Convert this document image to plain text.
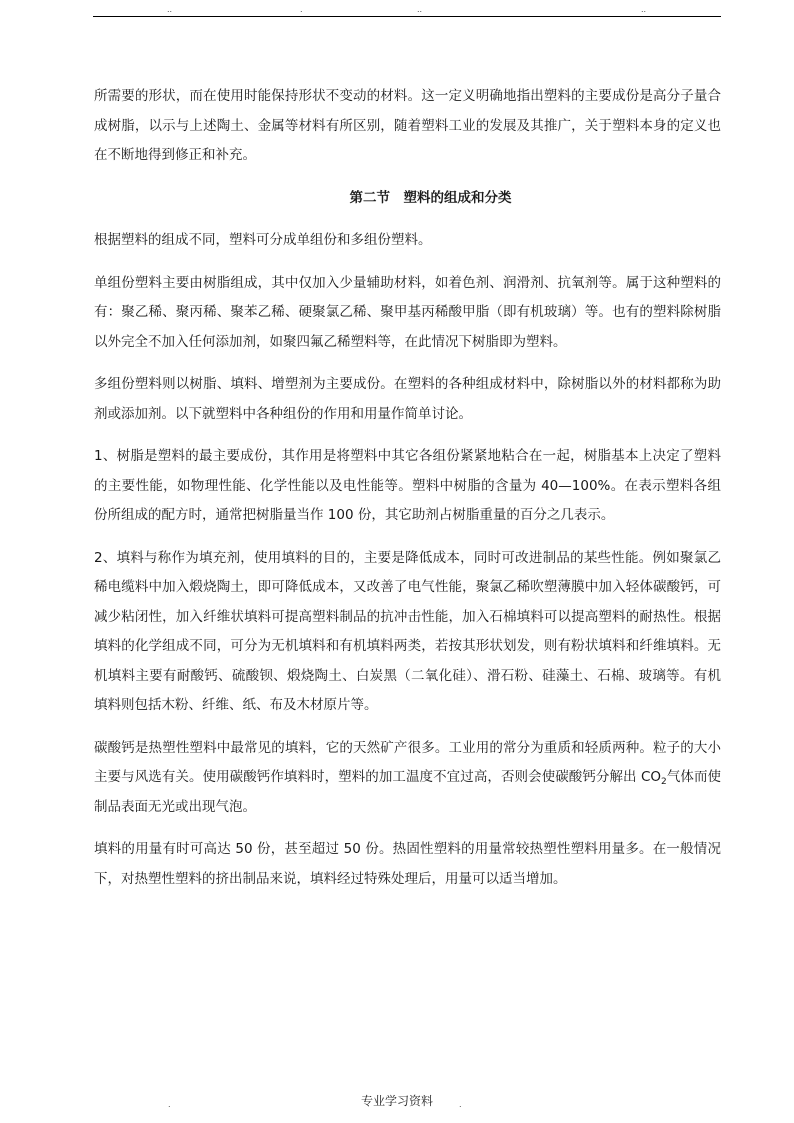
..	.	..	..

所需要的形状，而在使用时能保持形状不变动的材料。这一定义明确地指出塑料的主要成份是高分子量合成树脂，以示与上述陶土、金属等材料有所区别，随着塑料工业的发展及其推广，关于塑料本身的定义也在不断地得到修正和补充。

第二节　塑料的组成和分类

根据塑料的组成不同，塑料可分成单组份和多组份塑料。

单组份塑料主要由树脂组成，其中仅加入少量辅助材料，如着色剂、润滑剂、抗氧剂等。属于这种塑料的有：聚乙稀、聚丙稀、聚苯乙稀、硬聚氯乙稀、聚甲基丙稀酸甲脂（即有机玻璃）等。也有的塑料除树脂以外完全不加入任何添加剂，如聚四氟乙稀塑料等，在此情况下树脂即为塑料。

多组份塑料则以树脂、填料、增塑剂为主要成份。在塑料的各种组成材料中，除树脂以外的材料都称为助剂或添加剂。以下就塑料中各种组份的作用和用量作简单讨论。

1、树脂是塑料的最主要成份，其作用是将塑料中其它各组份紧紧地粘合在一起，树脂基本上决定了塑料的主要性能，如物理性能、化学性能以及电性能等。塑料中树脂的含量为 40—100%。在表示塑料各组份所组成的配方时，通常把树脂量当作 100 份，其它助剂占树脂重量的百分之几表示。

2、填料与称作为填充剂，使用填料的目的，主要是降低成本，同时可改进制品的某些性能。例如聚氯乙稀电缆料中加入煅烧陶土，即可降低成本，又改善了电气性能，聚氯乙稀吹塑薄膜中加入轻体碳酸钙，可减少粘闭性，加入纤维状填料可提高塑料制品的抗冲击性能，加入石棉填料可以提高塑料的耐热性。根据填料的化学组成不同，可分为无机填料和有机填料两类，若按其形状划发，则有粉状填料和纤维填料。无机填料主要有耐酸钙、硫酸钡、煅烧陶土、白炭黑（二氧化硅）、滑石粉、硅藻土、石棉、玻璃等。有机填料则包括木粉、纤维、纸、布及木材原片等。

碳酸钙是热塑性塑料中最常见的填料，它的天然矿产很多。工业用的常分为重质和轻质两种。粒子的大小主要与风选有关。使用碳酸钙作填料时，塑料的加工温度不宜过高，否则会使碳酸钙分解出 $CO_2$气体而使制品表面无光或出现气泡。

填料的用量有时可高达 50 份，甚至超过 50 份。热固性塑料的用量常较热塑性塑料用量多。在一般情况下，对热塑性塑料的挤出制品来说，填料经过特殊处理后，用量可以适当增加。

.	专业学习资料	.
